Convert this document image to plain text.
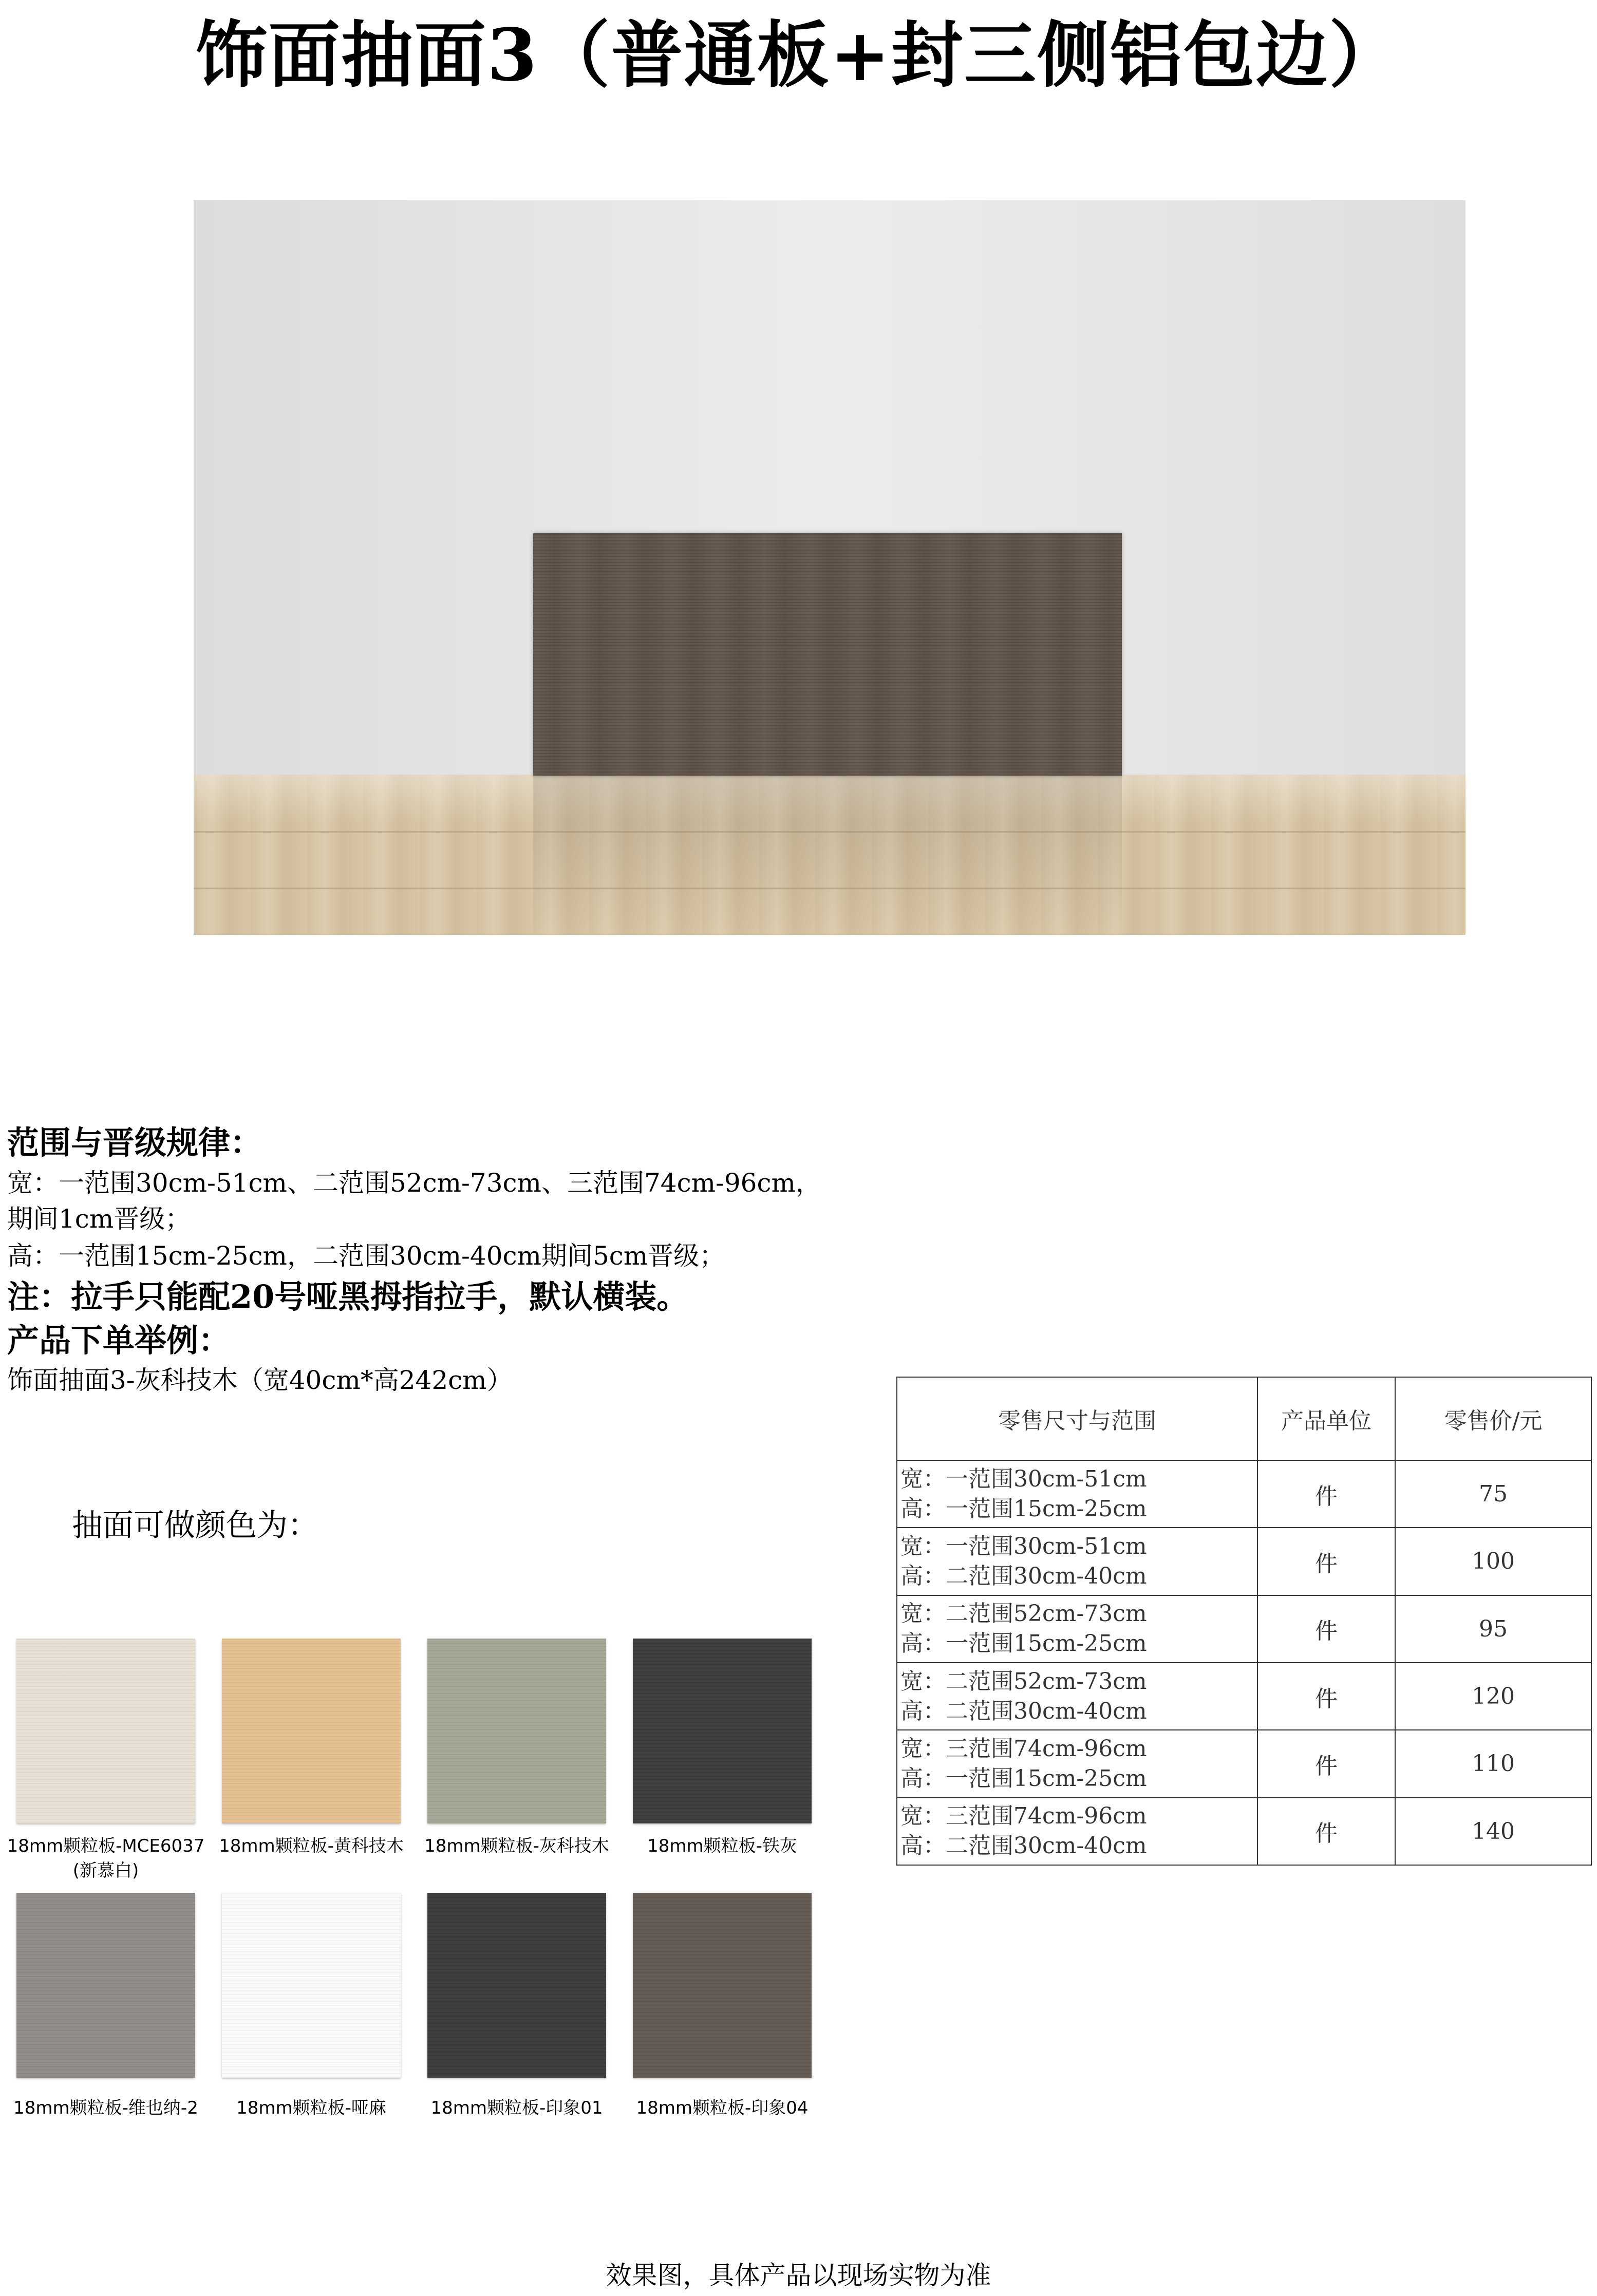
饰面抽面3（普通板+封三侧铝包边）
范围与晋级规律：
宽：一范围30cm-51cm、二范围52cm-73cm、三范围74cm-96cm，
期间1cm晋级；
高：一范围15cm-25cm，二范围30cm-40cm期间5cm晋级；
注：拉手只能配20号哑黑拇指拉手，默认横装。
产品下单举例：
饰面抽面3-灰科技木（宽40cm*高242cm）
抽面可做颜色为：
18mm颗粒板-MCE6037
(新慕白)
18mm颗粒板-黄科技木	18mm颗粒板-灰科技木	18mm颗粒板-铁灰
18mm颗粒板-维也纳-2	18mm颗粒板-哑麻	18mm颗粒板-印象01	18mm颗粒板-印象04
零售尺寸与范围	产品单位	零售价/元

宽：一范围30cm-51cm
高：一范围15cm-25cm	件	75

宽：一范围30cm-51cm
高：二范围30cm-40cm	件	100

宽：二范围52cm-73cm
高：一范围15cm-25cm	件	95

宽：二范围52cm-73cm
高：二范围30cm-40cm	件	120

宽：三范围74cm-96cm
高：一范围15cm-25cm	件	110

宽：三范围74cm-96cm
高：二范围30cm-40cm	件	140
效果图，具体产品以现场实物为准
